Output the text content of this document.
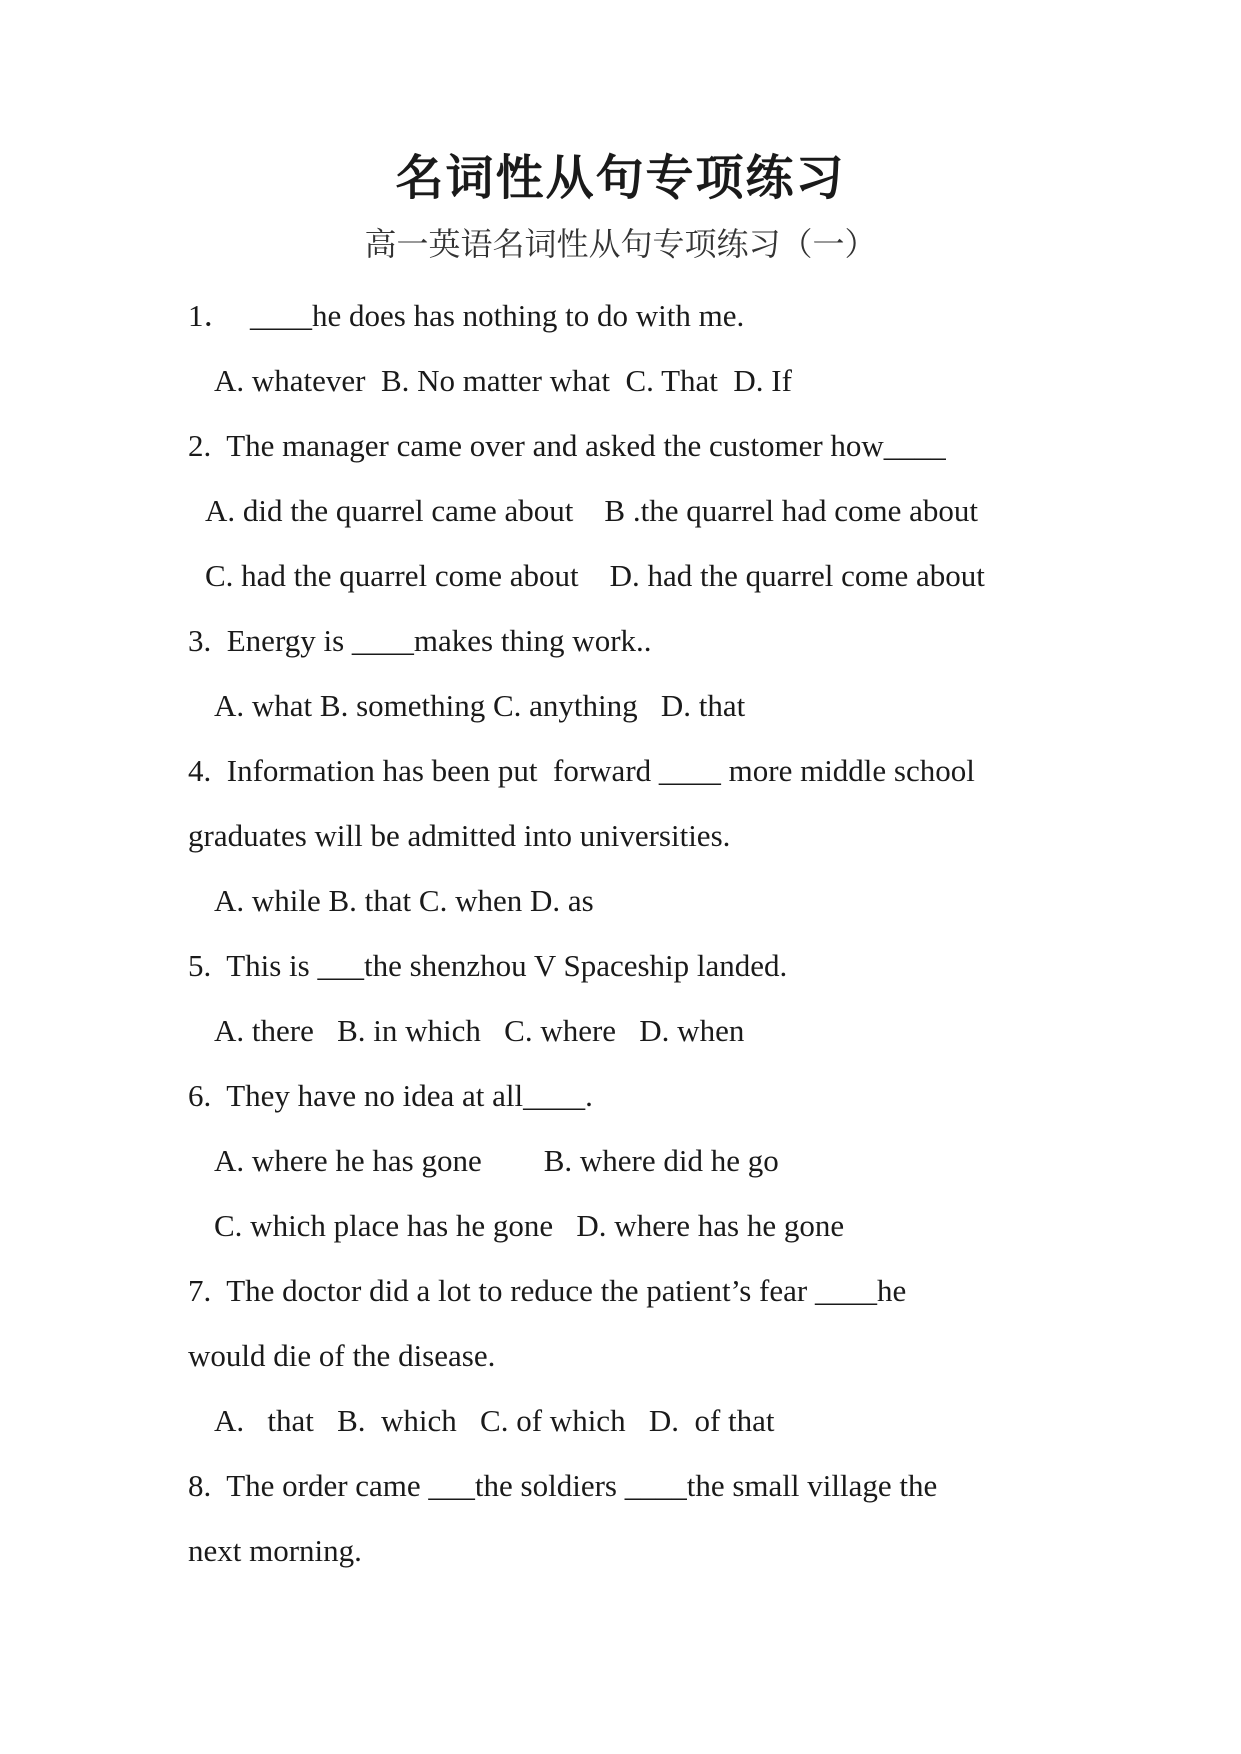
名词性从句专项练习
高一英语名词性从句专项练习（一）
1．  ____he does has nothing to do with me.
A. whatever  B. No matter what  C. That  D. If
2.  The manager came over and asked the customer how____
A. did the quarrel came about    B .the quarrel had come about
C. had the quarrel come about    D. had the quarrel come about
3.  Energy is ____makes thing work..
A. what B. something C. anything   D. that
4.  Information has been put  forward ____ more middle school
graduates will be admitted into universities.
A. while B. that C. when D. as
5.  This is ___the shenzhou V Spaceship landed.
A. there   B. in which   C. where   D. when
6.  They have no idea at all____.
A. where he has gone        B. where did he go
C. which place has he gone   D. where has he gone
7.  The doctor did a lot to reduce the patient’s fear ____he
would die of the disease.
A.   that   B.  which   C. of which   D.  of that
8.  The order came ___the soldiers ____the small village the
next morning.
